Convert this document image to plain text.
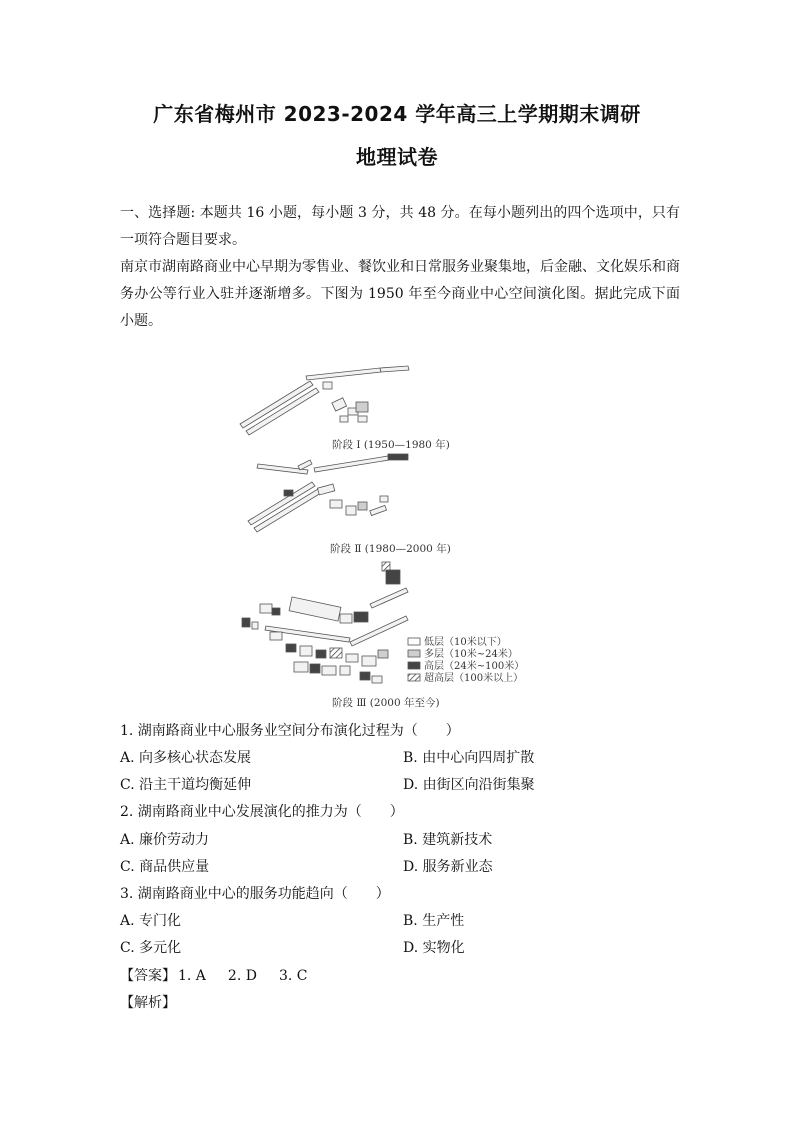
广东省梅州市 2023-2024 学年高三上学期期末调研
地理试卷
一、选择题: 本题共 16 小题，每小题 3 分，共 48 分。在每小题列出的四个选项中，只有一项符合题目要求。
南京市湖南路商业中心早期为零售业、餐饮业和日常服务业聚集地，后金融、文化娱乐和商务办公等行业入驻并逐渐增多。下图为 1950 年至今商业中心空间演化图。据此完成下面小题。
阶段 Ⅰ (1950—1980 年)
阶段 Ⅱ (1980—2000 年)
低层（10米以下）
多层（10米~24米）
高层（24米~100米）
超高层（100米以上）
阶段 Ⅲ (2000 年至今)
1. 湖南路商业中心服务业空间分布演化过程为（　　）
A. 向多核心状态发展	B. 由中心向四周扩散
C. 沿主干道均衡延伸	D. 由街区向沿街集聚
2. 湖南路商业中心发展演化的推力为（　　）
A. 廉价劳动力	B. 建筑新技术
C. 商品供应量	D. 服务新业态
3. 湖南路商业中心的服务功能趋向（　　）
A. 专门化	B. 生产性
C. 多元化	D. 实物化
【答案】 1. A 2. D 3. C
【解析】
